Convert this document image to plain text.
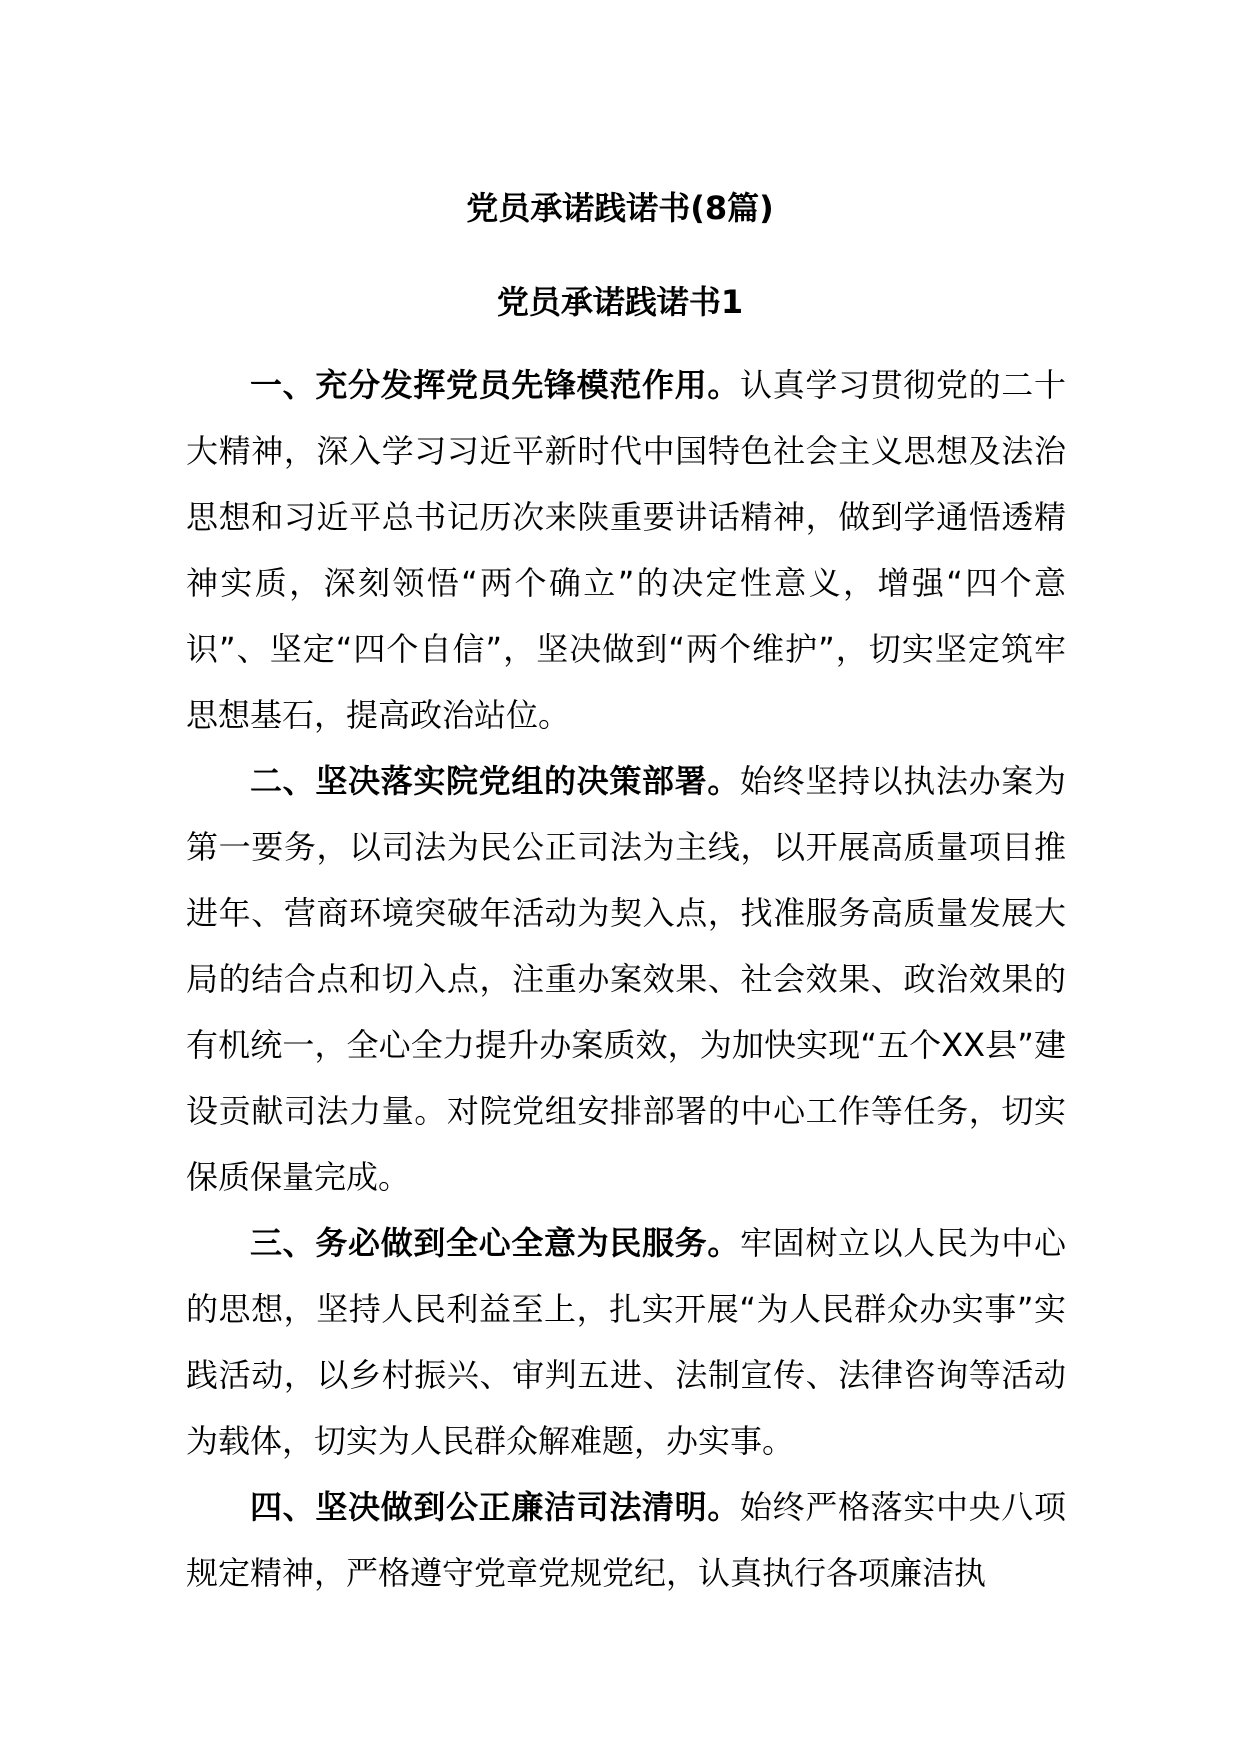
党员承诺践诺书(8篇)
党员承诺践诺书1

一、充分发挥党员先锋模范作用。认真学习贯彻党的二十大精神，深入学习习近平新时代中国特色社会主义思想及法治思想和习近平总书记历次来陕重要讲话精神，做到学通悟透精神实质，深刻领悟“两个确立”的决定性意义，增强“四个意识”、坚定“四个自信”，坚决做到“两个维护”，切实坚定筑牢思想基石，提高政治站位。

二、坚决落实院党组的决策部署。始终坚持以执法办案为第一要务，以司法为民公正司法为主线，以开展高质量项目推进年、营商环境突破年活动为契入点，找准服务高质量发展大局的结合点和切入点，注重办案效果、社会效果、政治效果的有机统一，全心全力提升办案质效，为加快实现“五个XX县”建设贡献司法力量。对院党组安排部署的中心工作等任务，切实保质保量完成。

三、务必做到全心全意为民服务。牢固树立以人民为中心的思想，坚持人民利益至上，扎实开展“为人民群众办实事”实践活动，以乡村振兴、审判五进、法制宣传、法律咨询等活动为载体，切实为人民群众解难题，办实事。

四、坚决做到公正廉洁司法清明。始终严格落实中央八项规定精神，严格遵守党章党规党纪，认真执行各项廉洁执
